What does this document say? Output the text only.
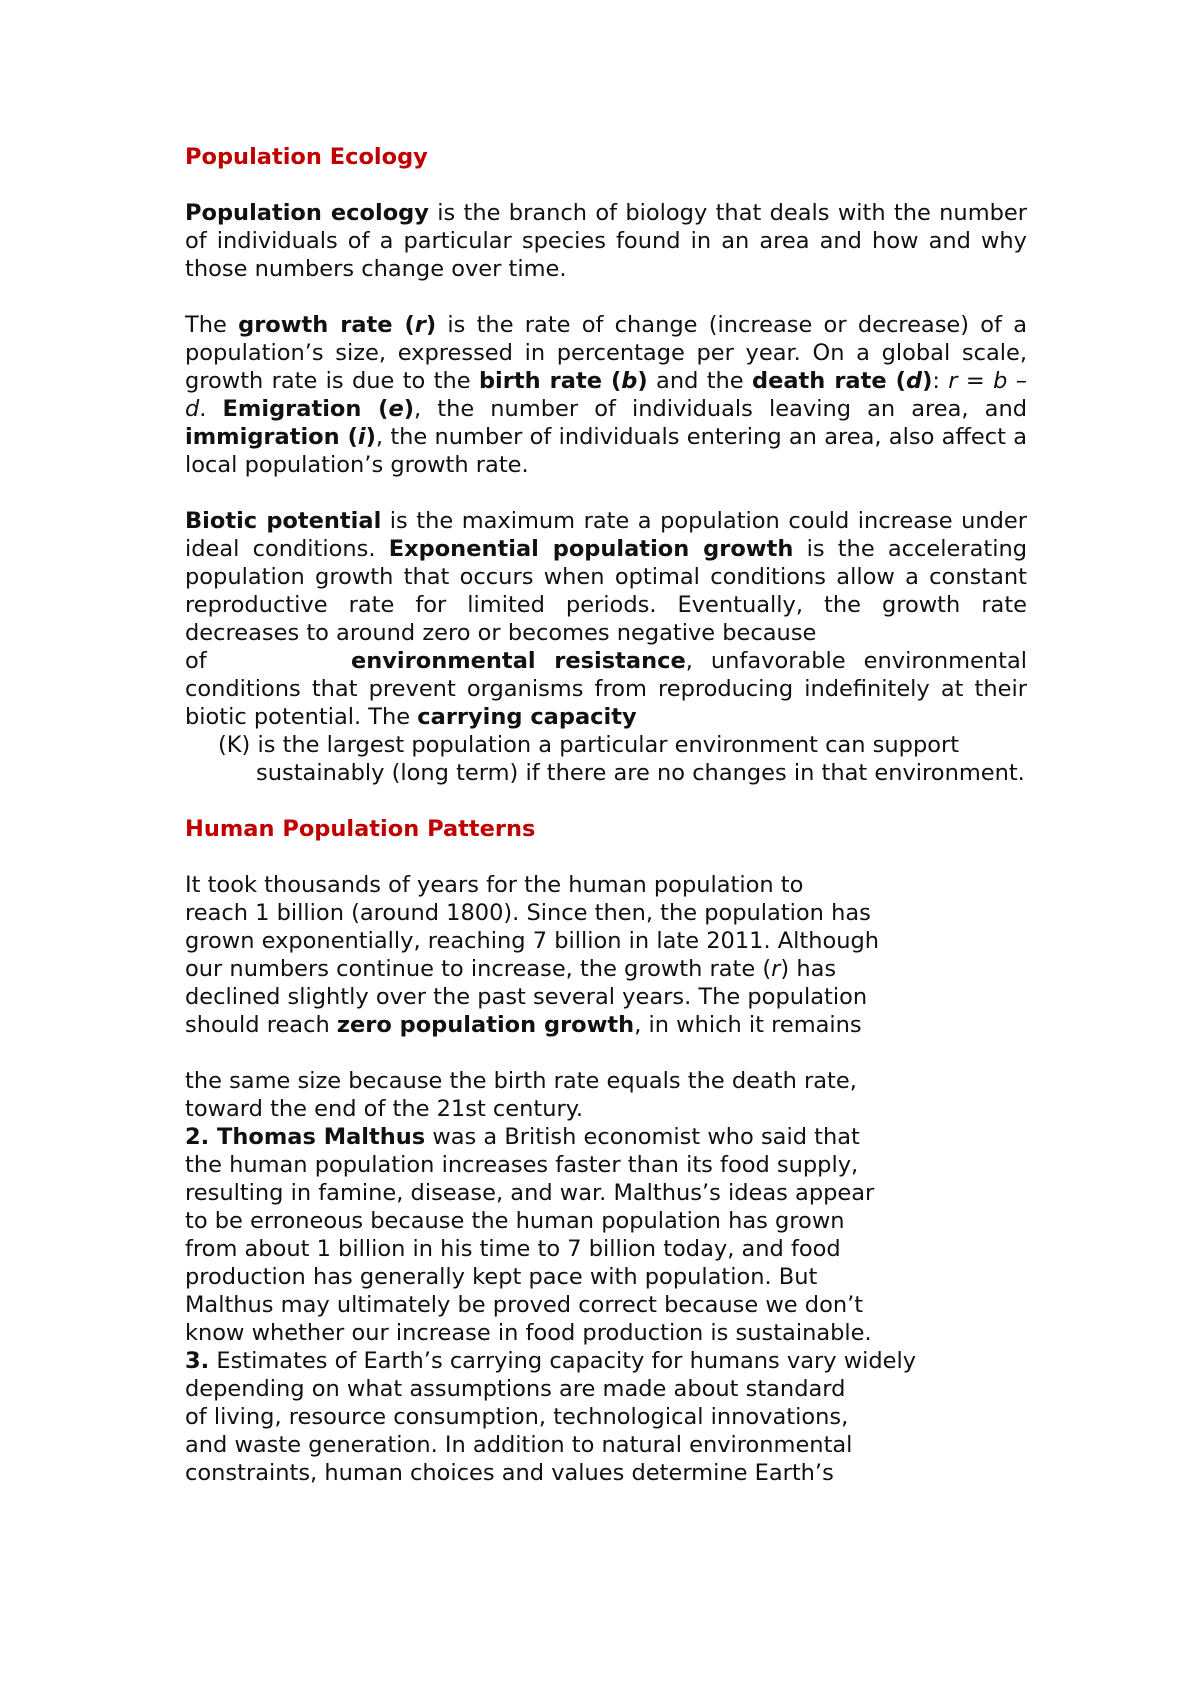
Population Ecology

Population ecology is the branch of biology that deals with the number of individuals of a particular species found in an area and how and why those numbers change over time.

The growth rate (r) is the rate of change (increase or decrease) of a population’s size, expressed in percentage per year. On a global scale, growth rate is due to the birth rate (b) and the death rate (d): r = b – d. Emigration (e), the number of individuals leaving an area, and immigration (i), the number of individuals entering an area, also affect a local population’s growth rate.

Biotic potential is the maximum rate a population could increase under ideal conditions. Exponential population growth is the accelerating population growth that occurs when optimal conditions allow a constant reproductive rate for limited periods. Eventually, the growth rate decreases to around zero or becomes negative because

of	environmental resistance, unfavorable environmental conditions that prevent organisms from reproducing indefinitely at their biotic potential. The carrying capacity

(K) is the largest population a particular environment can support

sustainably (long term) if there are no changes in that environment.

Human Population Patterns

It took thousands of years for the human population to
reach 1 billion (around 1800). Since then, the population has
grown exponentially, reaching 7 billion in late 2011. Although
our numbers continue to increase, the growth rate (r) has
declined slightly over the past several years. The population
should reach zero population growth, in which it remains
the same size because the birth rate equals the death rate,
toward the end of the 21st century.
2. Thomas Malthus was a British economist who said that
the human population increases faster than its food supply,
resulting in famine, disease, and war. Malthus’s ideas appear
to be erroneous because the human population has grown
from about 1 billion in his time to 7 billion today, and food
production has generally kept pace with population. But
Malthus may ultimately be proved correct because we don’t
know whether our increase in food production is sustainable.
3. Estimates of Earth’s carrying capacity for humans vary widely
depending on what assumptions are made about standard
of living, resource consumption, technological innovations,
and waste generation. In addition to natural environmental
constraints, human choices and values determine Earth’s
